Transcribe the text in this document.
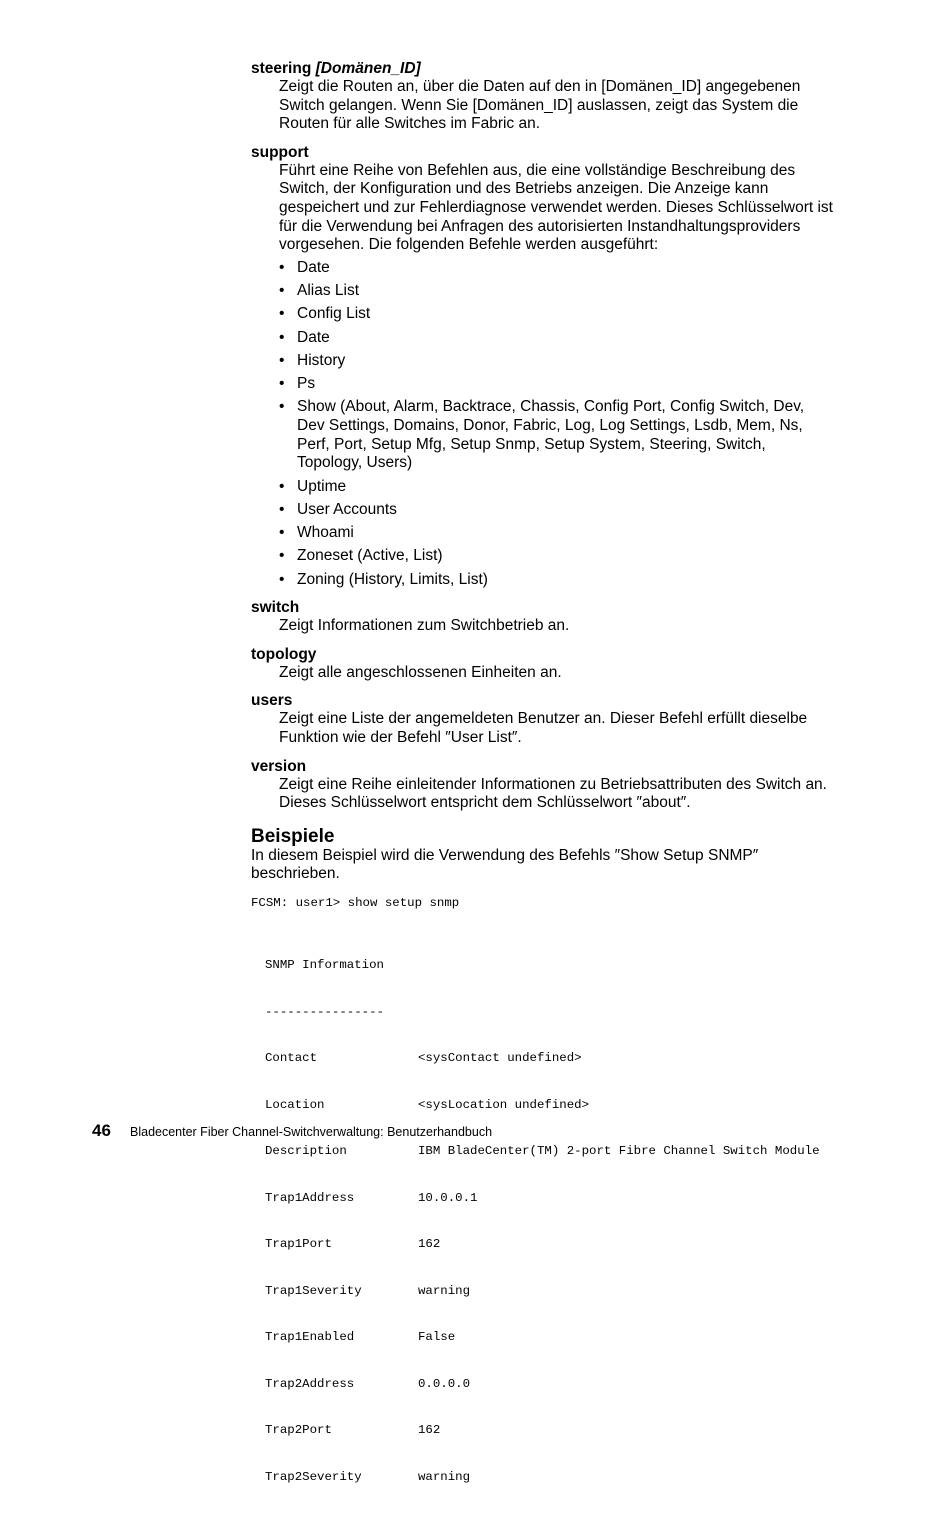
steering [Domänen_ID]
Zeigt die Routen an, über die Daten auf den in [Domänen_ID] angegebenen Switch gelangen. Wenn Sie [Domänen_ID] auslassen, zeigt das System die Routen für alle Switches im Fabric an.
support
Führt eine Reihe von Befehlen aus, die eine vollständige Beschreibung des Switch, der Konfiguration und des Betriebs anzeigen. Die Anzeige kann gespeichert und zur Fehlerdiagnose verwendet werden. Dieses Schlüsselwort ist für die Verwendung bei Anfragen des autorisierten Instandhaltungsproviders vorgesehen. Die folgenden Befehle werden ausgeführt:
• Date
• Alias List
• Config List
• Date
• History
• Ps
• Show (About, Alarm, Backtrace, Chassis, Config Port, Config Switch, Dev, Dev Settings, Domains, Donor, Fabric, Log, Log Settings, Lsdb, Mem, Ns, Perf, Port, Setup Mfg, Setup Snmp, Setup System, Steering, Switch, Topology, Users)
• Uptime
• User Accounts
• Whoami
• Zoneset (Active, List)
• Zoning (History, Limits, List)
switch
Zeigt Informationen zum Switchbetrieb an.
topology
Zeigt alle angeschlossenen Einheiten an.
users
Zeigt eine Liste der angemeldeten Benutzer an. Dieser Befehl erfüllt dieselbe Funktion wie der Befehl ″User List″.
version
Zeigt eine Reihe einleitender Informationen zu Betriebsattributen des Switch an. Dieses Schlüsselwort entspricht dem Schlüsselwort ″about″.
Beispiele
In diesem Beispiel wird die Verwendung des Befehls ″Show Setup SNMP″ beschrieben.
FCSM: user1> show setup snmp

SNMP Information

----------------

Contact	<sysContact undefined>

Location	<sysLocation undefined>

Description	IBM BladeCenter(TM) 2-port Fibre Channel Switch Module

Trap1Address	10.0.0.1

Trap1Port	162

Trap1Severity	warning

Trap1Enabled	False

Trap2Address	0.0.0.0

Trap2Port	162

Trap2Severity	warning

46	Bladecenter Fiber Channel-Switchverwaltung: Benutzerhandbuch
